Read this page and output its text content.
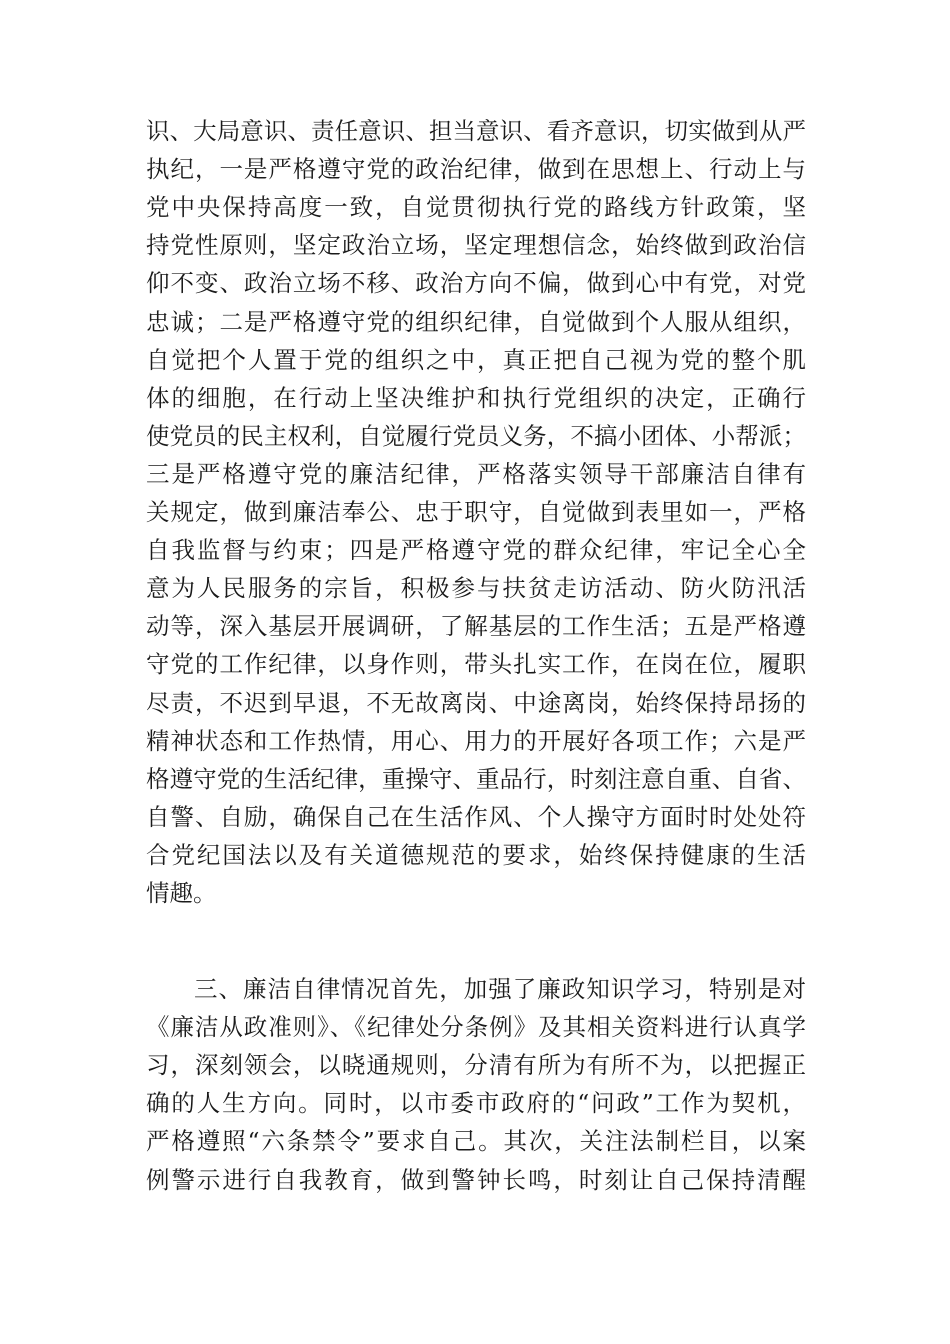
识、大局意识、责任意识、担当意识、看齐意识，切实做到从严

执纪，一是严格遵守党的政治纪律，做到在思想上、行动上与

党中央保持高度一致，自觉贯彻执行党的路线方针政策，坚

持党性原则，坚定政治立场，坚定理想信念，始终做到政治信

仰不变、政治立场不移、政治方向不偏，做到心中有党，对党

忠诚；二是严格遵守党的组织纪律，自觉做到个人服从组织，

自觉把个人置于党的组织之中，真正把自己视为党的整个肌

体的细胞，在行动上坚决维护和执行党组织的决定，正确行

使党员的民主权利，自觉履行党员义务，不搞小团体、小帮派；

三是严格遵守党的廉洁纪律，严格落实领导干部廉洁自律有

关规定，做到廉洁奉公、忠于职守，自觉做到表里如一，严格

自我监督与约束；四是严格遵守党的群众纪律，牢记全心全

意为人民服务的宗旨，积极参与扶贫走访活动、防火防汛活

动等，深入基层开展调研，了解基层的工作生活；五是严格遵

守党的工作纪律，以身作则，带头扎实工作，在岗在位，履职

尽责，不迟到早退，不无故离岗、中途离岗，始终保持昂扬的

精神状态和工作热情，用心、用力的开展好各项工作；六是严

格遵守党的生活纪律，重操守、重品行，时刻注意自重、自省、

自警、自励，确保自己在生活作风、个人操守方面时时处处符

合党纪国法以及有关道德规范的要求，始终保持健康的生活

情趣。

三、廉洁自律情况首先，加强了廉政知识学习，特别是对

《廉洁从政准则》、《纪律处分条例》及其相关资料进行认真学

习，深刻领会，以晓通规则，分清有所为有所不为，以把握正

确的人生方向。同时，以市委市政府的“问政”工作为契机，

严格遵照“六条禁令”要求自己。其次，关注法制栏目，以案

例警示进行自我教育，做到警钟长鸣，时刻让自己保持清醒
